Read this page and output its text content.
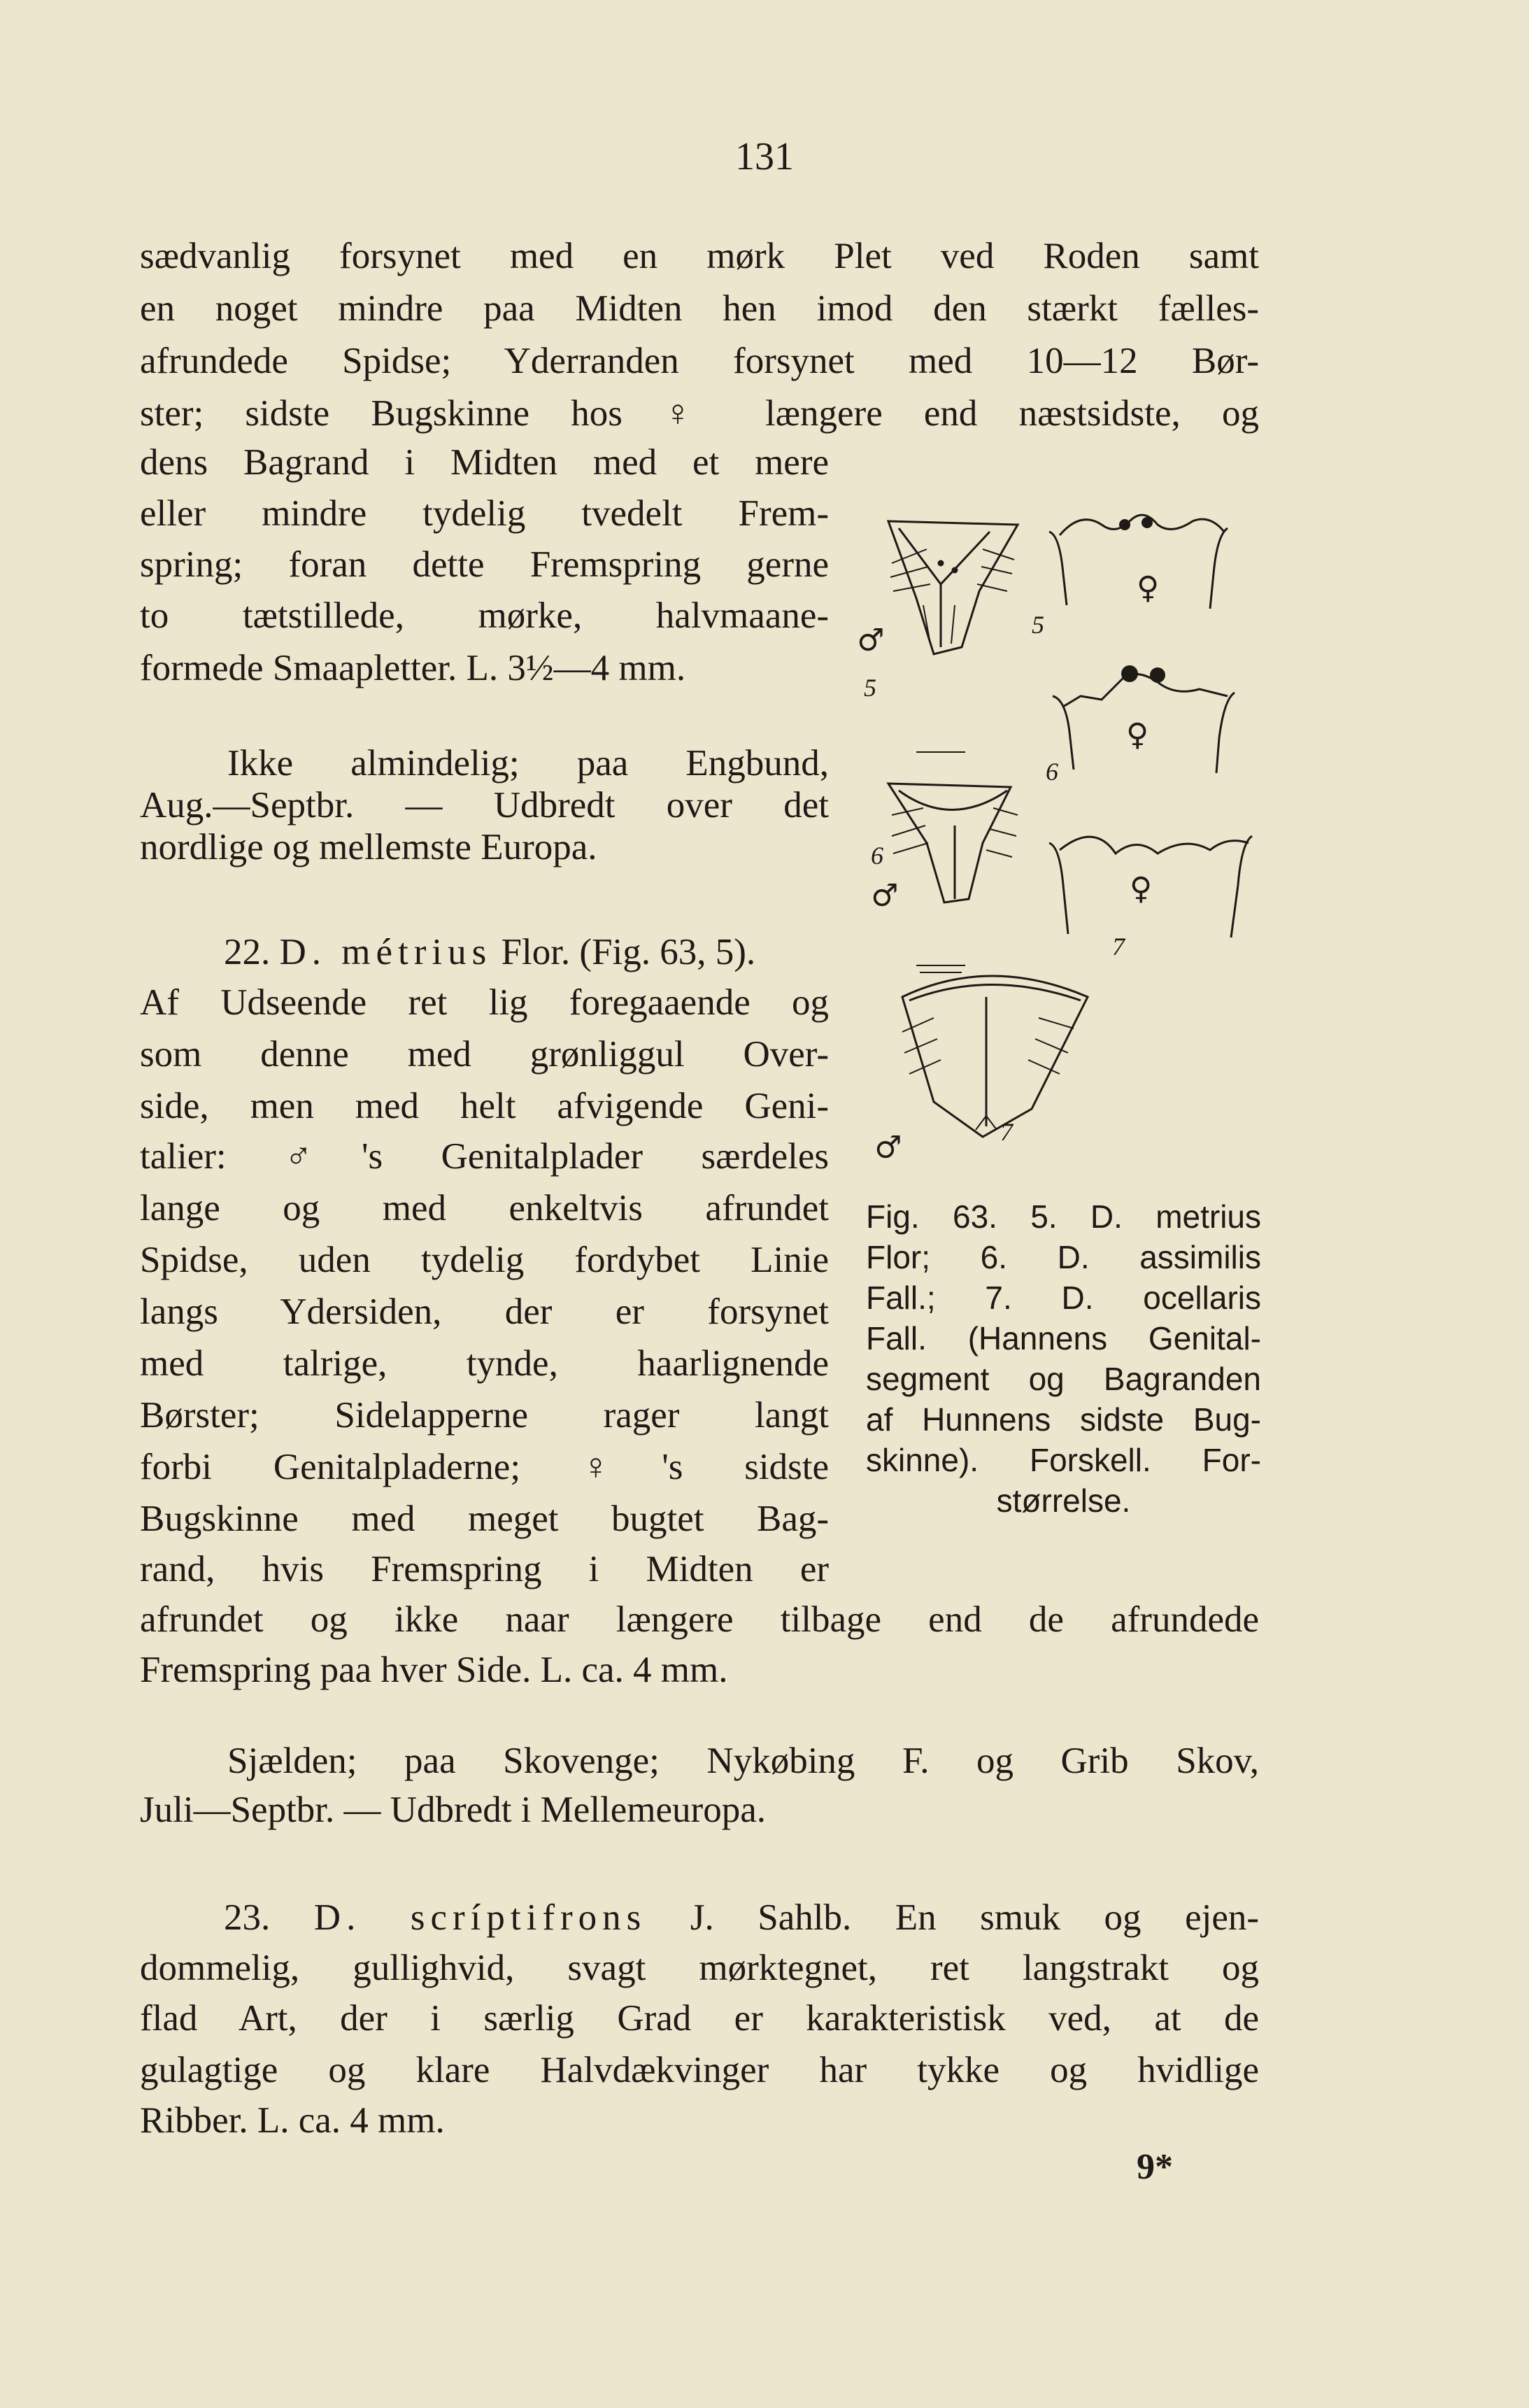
131
sædvanlig forsynet med en mørk Plet ved Roden samt
en noget mindre paa Midten hen imod den stærkt fælles-
afrundede Spidse; Yderranden forsynet med 10—12 Bør-
ster; sidste Bugskinne hos ♀ længere end næstsidste, og
dens Bagrand i Midten med et mere
eller mindre tydelig tvedelt Frem-
spring; foran dette Fremspring gerne
to tætstillede, mørke, halvmaane-
formede Smaapletter. L. 3½—4 mm.
Ikke almindelig; paa Engbund,
Aug.—Septbr. — Udbredt over det
nordlige og mellemste Europa.
22. D. métrius Flor. (Fig. 63, 5).
Af Udseende ret lig foregaaende og
som denne med grønliggul Over-
side, men med helt afvigende Geni-
talier: ♂'s Genitalplader særdeles
lange og med enkeltvis afrundet
Spidse, uden tydelig fordybet Linie
langs Ydersiden, der er forsynet
med talrige, tynde, haarlignende
Børster; Sidelapperne rager langt
forbi Genitalpladerne; ♀'s sidste
Bugskinne med meget bugtet Bag-
rand, hvis Fremspring i Midten er
afrundet og ikke naar længere tilbage end de afrundede
Fremspring paa hver Side. L. ca. 4 mm.
Sjælden; paa Skovenge; Nykøbing F. og Grib Skov,
Juli—Septbr. — Udbredt i Mellemeuropa.
23. D. scríptifrons J. Sahlb. En smuk og ejen-
dommelig, gullighvid, svagt mørktegnet, ret langstrakt og
flad Art, der i særlig Grad er karakteristisk ved, at de
gulagtige og klare Halvdækvinger har tykke og hvidlige
Ribber. L. ca. 4 mm.
9*
♂
5
5
♀
6
♀
6
♂	♀
7
♂	7
Fig. 63. 5. D. metrius
Flor; 6. D. assimilis
Fall.; 7. D. ocellaris
Fall. (Hannens Genital-
segment og Bagranden
af Hunnens sidste Bug-
skinne). Forskell. For-
størrelse.
